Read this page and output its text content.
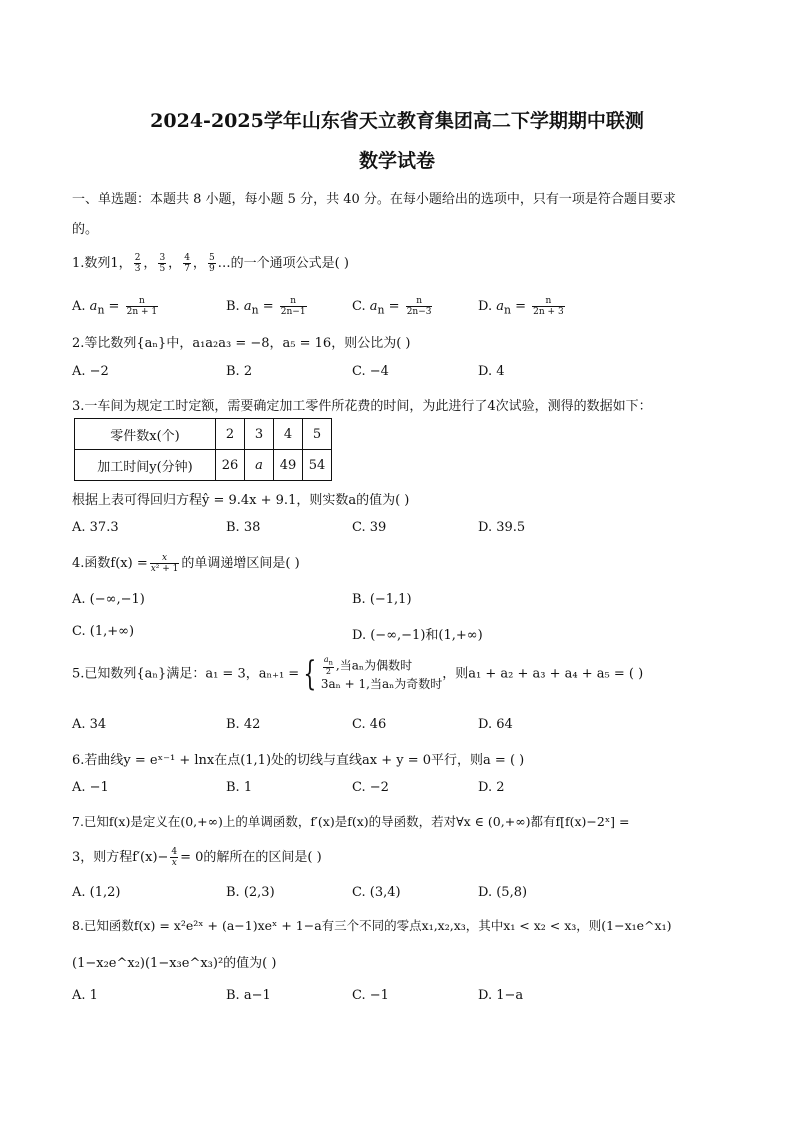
2024-2025学年山东省天立教育集团高二下学期期中联测
数学试卷
一、单选题：本题共 8 小题，每小题 5 分，共 40 分。在每小题给出的选项中，只有一项是符合题目要求
的。
1.数列1， $\frac{2}{3}$ ， $\frac{3}{5}$ ， $\frac{4}{7}$ ， $\frac{5}{9}$ …的一个通项公式是( )
A. $a_n = \frac{n}{2n + 1}$	B. $a_n = \frac{n}{2n-1}$	C. $a_n = \frac{n}{2n-3}$	D. $a_n = \frac{n}{2n + 3}$
2.等比数列{aₙ}中，a₁a₂a₃ = −8，a₅ = 16，则公比为( )
A. −2	B. 2	C. −4	D. 4
3.一车间为规定工时定额，需要确定加工零件所花费的时间，为此进行了4次试验，测得的数据如下：
零件数x(个)	2	3	4	5
加工时间y(分钟)	26	a	49	54
根据上表可得回归方程ŷ = 9.4x + 9.1，则实数a的值为( )
A. 37.3	B. 38	C. 39	D. 39.5
4.函数$f(x) = \frac{x}{\text{x² + 1}}$ 的单调递增区间是( )
A. (−∞,−1)	B. (−1,1)
C. (1,+∞)	D. (−∞,−1)和(1,+∞)
5.已知数列{aₙ}满足：a₁ = 3，aₙ₊₁ = { $\frac{a_n}{2}$ ,当aₙ为偶数时
3aₙ + 1,当aₙ为奇数时
，则a₁ + a₂ + a₃ + a₄ + a₅ = ( )
A. 34	B. 42	C. 46	D. 64
6.若曲线y = eˣ⁻¹ + lnx在点(1,1)处的切线与直线ax + y = 0平行，则a = ( )
A. −1	B. 1	C. −2	D. 2
7.已知f(x)是定义在(0,+∞)上的单调函数，f′(x)是f(x)的导函数，若对∀x ∈ (0,+∞)都有f[f(x)−2ˣ] =
3，则方程$f'(x)- \frac{4}{x} = 0$的解所在的区间是( )
A. (1,2)	B. (2,3)	C. (3,4)	D. (5,8)
8.已知函数f(x) = x²e²ˣ + (a−1)xeˣ + 1−a有三个不同的零点x₁,x₂,x₃，其中x₁ < x₂ < x₃，则(1−x₁e^x₁)
(1−x₂e^x₂)(1−x₃e^x₃)²的值为( )
A. 1	B. a−1	C. −1	D. 1−a
